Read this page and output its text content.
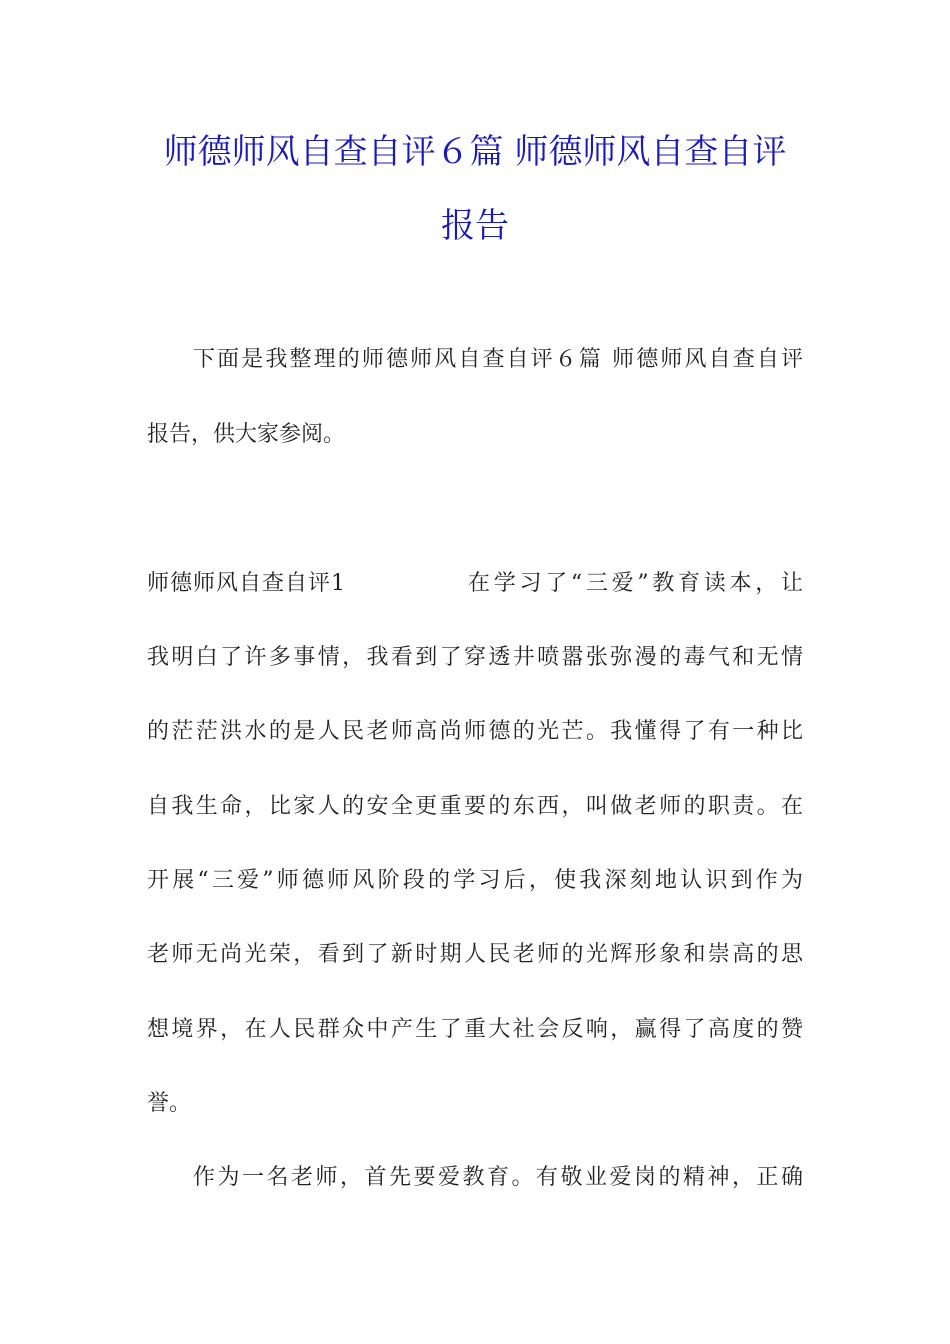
师德师风自查自评６篇 师德师风自查自评
报告
下面是我整理的师德师风自查自评６篇 师德师风自查自评
报告，供大家参阅。
师德师风自查自评1	在学习了“三爱”教育读本，让
我明白了许多事情，我看到了穿透井喷嚣张弥漫的毒气和无情
的茫茫洪水的是人民老师高尚师德的光芒。我懂得了有一种比
自我生命，比家人的安全更重要的东西，叫做老师的职责。在
开展“三爱”师德师风阶段的学习后，使我深刻地认识到作为
老师无尚光荣，看到了新时期人民老师的光辉形象和崇高的思
想境界，在人民群众中产生了重大社会反响，赢得了高度的赞
誉。
作为一名老师，首先要爱教育。有敬业爱岗的精神，正确
